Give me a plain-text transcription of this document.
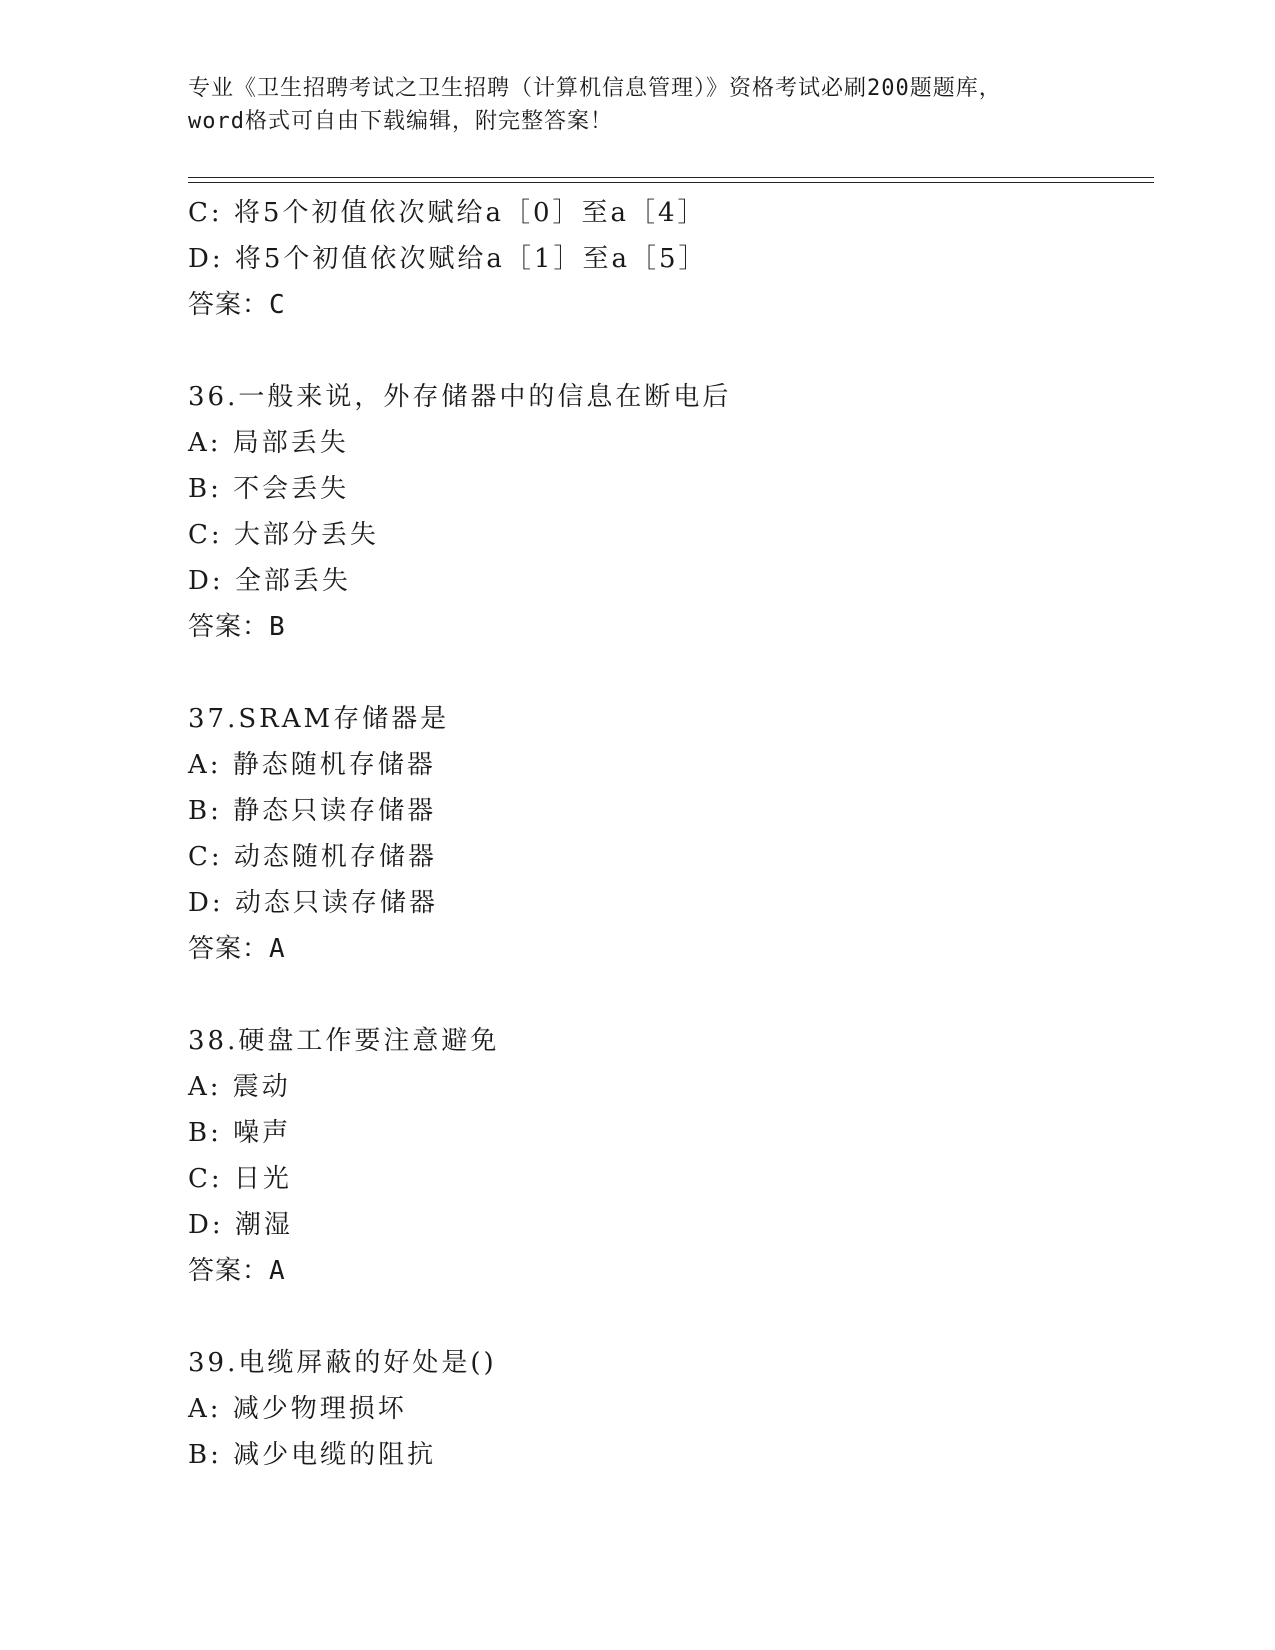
专业《卫生招聘考试之卫生招聘（计算机信息管理）》资格考试必刷200题题库，
word格式可自由下载编辑，附完整答案！
C: 将5个初值依次赋给a［0］至a［4］
D: 将5个初值依次赋给a［1］至a［5］
答案：C
36.一般来说，外存储器中的信息在断电后
A: 局部丢失
B: 不会丢失
C: 大部分丢失
D: 全部丢失
答案：B
37.SRAM存储器是
A: 静态随机存储器
B: 静态只读存储器
C: 动态随机存储器
D: 动态只读存储器
答案：A
38.硬盘工作要注意避免
A: 震动
B: 噪声
C: 日光
D: 潮湿
答案：A
39.电缆屏蔽的好处是()
A: 减少物理损坏
B: 减少电缆的阻抗
